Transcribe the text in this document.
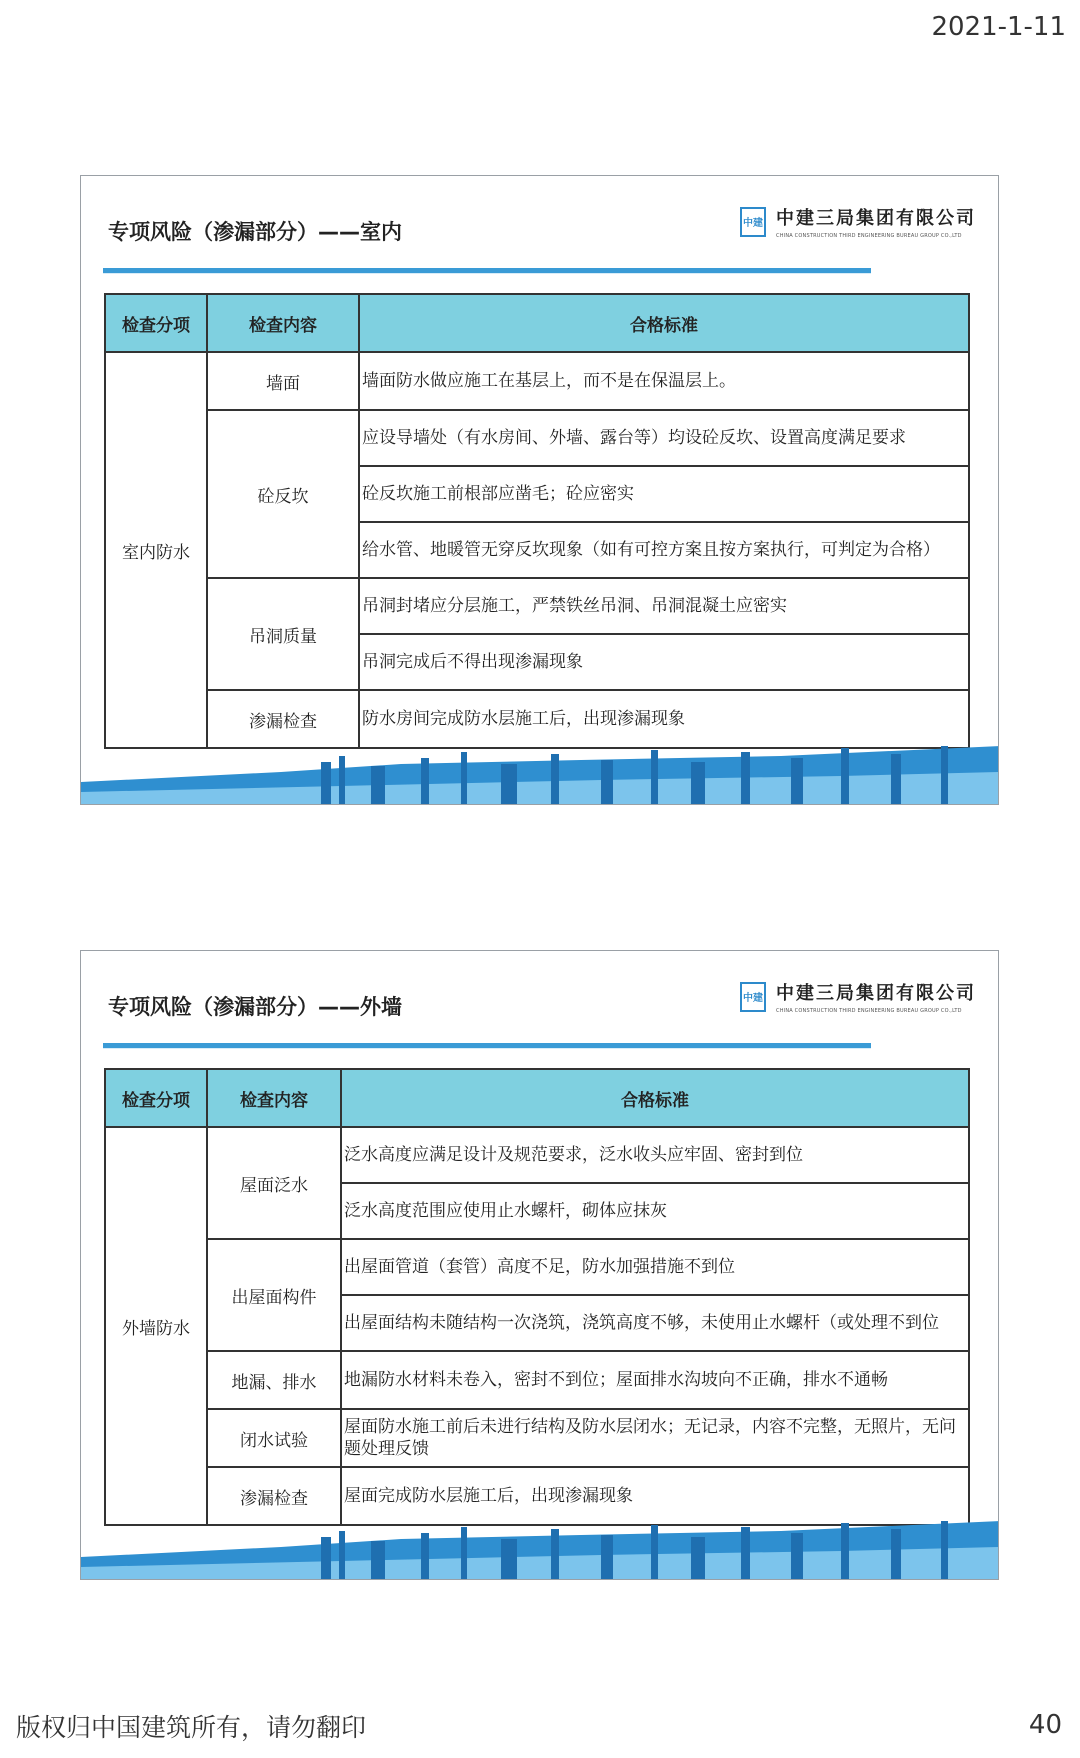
2021-1-11
专项风险（渗漏部分）——室内	中建 中建三局集团有限公司
CHINA CONSTRUCTION THIRD ENGINEERING BUREAU GROUP CO.,LTD
检查分项	检查内容	合格标准
室内防水	墙面	墙面防水做应施工在基层上，而不是在保温层上。
	砼反坎	应设导墙处（有水房间、外墙、露台等）均设砼反坎、设置高度满足要求
		砼反坎施工前根部应凿毛；砼应密实
		给水管、地暖管无穿反坎现象（如有可控方案且按方案执行，可判定为合格）
	吊洞质量	吊洞封堵应分层施工，严禁铁丝吊洞、吊洞混凝土应密实
		吊洞完成后不得出现渗漏现象
	渗漏检查	防水房间完成防水层施工后，出现渗漏现象
专项风险（渗漏部分）——外墙	中建 中建三局集团有限公司
CHINA CONSTRUCTION THIRD ENGINEERING BUREAU GROUP CO.,LTD
检查分项	检查内容	合格标准
外墙防水	屋面泛水	泛水高度应满足设计及规范要求，泛水收头应牢固、密封到位
		泛水高度范围应使用止水螺杆，砌体应抹灰
	出屋面构件	出屋面管道（套管）高度不足，防水加强措施不到位
		出屋面结构未随结构一次浇筑，浇筑高度不够，未使用止水螺杆（或处理不到位
	地漏、排水	地漏防水材料未卷入，密封不到位；屋面排水沟坡向不正确，排水不通畅
	闭水试验	屋面防水施工前后未进行结构及防水层闭水；无记录，内容不完整，无照片，无问题处理反馈
	渗漏检查	屋面完成防水层施工后，出现渗漏现象
版权归中国建筑所有，请勿翻印	40
